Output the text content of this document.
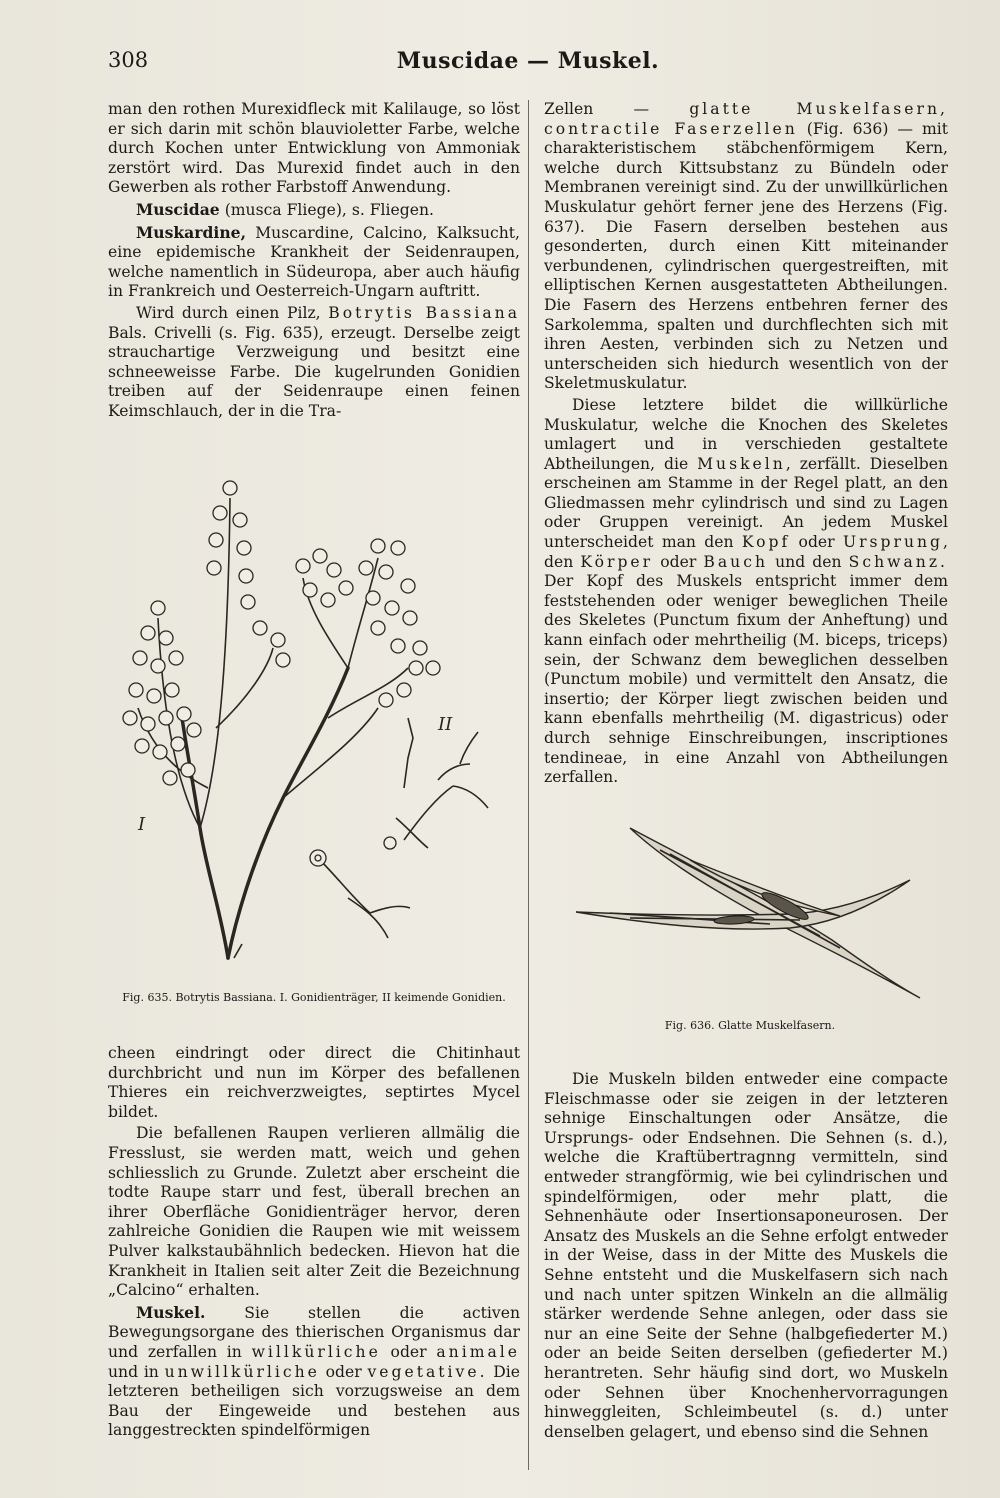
308	Muscidae — Muskel.

man den rothen Murexidfleck mit Kalilauge, so löst er sich darin mit schön blauvioletter Farbe, welche durch Kochen unter Entwicklung von Ammoniak zerstört wird. Das Murexid findet auch in den Gewerben als rother Farbstoff Anwendung.

Muscidae (musca Fliege), s. Fliegen.

Muskardine, Muscardine, Calcino, Kalksucht, eine epidemische Krankheit der Seidenraupen, welche namentlich in Südeuropa, aber auch häufig in Frankreich und Oesterreich-Ungarn auftritt.

Wird durch einen Pilz, Botrytis Bassiana Bals. Crivelli (s. Fig. 635), erzeugt. Derselbe zeigt strauchartige Verzweigung und besitzt eine schneeweisse Farbe. Die kugelrunden Gonidien treiben auf der Seidenraupe einen feinen Keimschlauch, der in die Tra-

II
I
Fig. 635. Botrytis Bassiana. I. Gonidienträger, II keimende Gonidien.

cheen eindringt oder direct die Chitinhaut durchbricht und nun im Körper des befallenen Thieres ein reichverzweigtes, septirtes Mycel bildet.

Die befallenen Raupen verlieren allmälig die Fresslust, sie werden matt, weich und gehen schliesslich zu Grunde. Zuletzt aber erscheint die todte Raupe starr und fest, überall brechen an ihrer Oberfläche Gonidienträger hervor, deren zahlreiche Gonidien die Raupen wie mit weissem Pulver kalkstaubähnlich bedecken. Hievon hat die Krankheit in Italien seit alter Zeit die Bezeichnung „Calcino“ erhalten.

Muskel. Sie stellen die activen Bewegungsorgane des thierischen Organismus dar und zerfallen in willkürliche oder animale und in unwillkürliche oder vegetative. Die letzteren betheiligen sich vorzugsweise an dem Bau der Eingeweide und bestehen aus langgestreckten spindelförmigen

Zellen — glatte Muskelfasern, contractile Faserzellen (Fig. 636) — mit charakteristischem stäbchenförmigem Kern, welche durch Kittsubstanz zu Bündeln oder Membranen vereinigt sind. Zu der unwillkürlichen Muskulatur gehört ferner jene des Herzens (Fig. 637). Die Fasern derselben bestehen aus gesonderten, durch einen Kitt miteinander verbundenen, cylindrischen quergestreiften, mit elliptischen Kernen ausgestatteten Abtheilungen. Die Fasern des Herzens entbehren ferner des Sarkolemma, spalten und durchflechten sich mit ihren Aesten, verbinden sich zu Netzen und unterscheiden sich hiedurch wesentlich von der Skeletmuskulatur.

Diese letztere bildet die willkürliche Muskulatur, welche die Knochen des Skeletes umlagert und in verschieden gestaltete Abtheilungen, die Muskeln, zerfällt. Dieselben erscheinen am Stamme in der Regel platt, an den Gliedmassen mehr cylindrisch und sind zu Lagen oder Gruppen vereinigt. An jedem Muskel unterscheidet man den Kopf oder Ursprung, den Körper oder Bauch und den Schwanz. Der Kopf des Muskels entspricht immer dem feststehenden oder weniger beweglichen Theile des Skeletes (Punctum fixum der Anheftung) und kann einfach oder mehrtheilig (M. biceps, triceps) sein, der Schwanz dem beweglichen desselben (Punctum mobile) und vermittelt den Ansatz, die insertio; der Körper liegt zwischen beiden und kann ebenfalls mehrtheilig (M. digastricus) oder durch sehnige Einschreibungen, inscriptiones tendineae, in eine Anzahl von Abtheilungen zerfallen.

Fig. 636. Glatte Muskelfasern.

Die Muskeln bilden entweder eine compacte Fleischmasse oder sie zeigen in der letzteren sehnige Einschaltungen oder Ansätze, die Ursprungs- oder Endsehnen. Die Sehnen (s. d.), welche die Kraftübertragnng vermitteln, sind entweder strangförmig, wie bei cylindrischen und spindelförmigen, oder mehr platt, die Sehnenhäute oder Insertionsaponeurosen. Der Ansatz des Muskels an die Sehne erfolgt entweder in der Weise, dass in der Mitte des Muskels die Sehne entsteht und die Muskelfasern sich nach und nach unter spitzen Winkeln an die allmälig stärker werdende Sehne anlegen, oder dass sie nur an eine Seite der Sehne (halbgefiederter M.) oder an beide Seiten derselben (gefiederter M.) herantreten. Sehr häufig sind dort, wo Muskeln oder Sehnen über Knochenhervorragungen hinweggleiten, Schleimbeutel (s. d.) unter denselben gelagert, und ebenso sind die Sehnen
